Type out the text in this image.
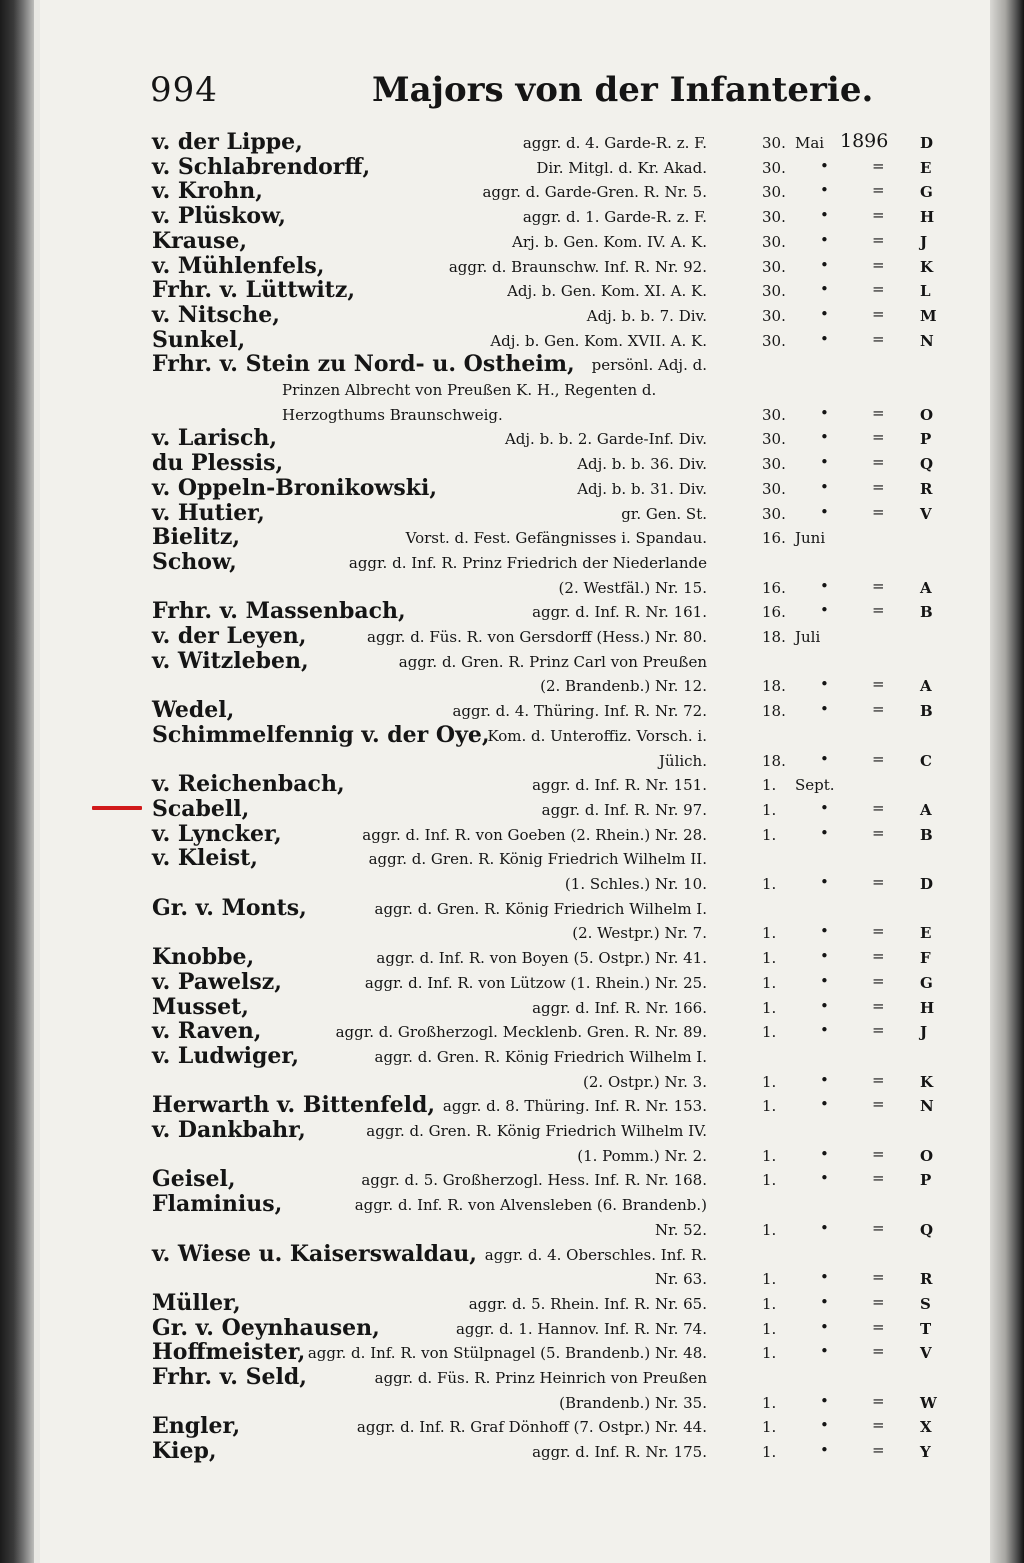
994	Majors von der Infanterie.
v. der Lippe,	aggr. d. 4. Garde-R. z. F.	30. Mai 1896 D
v. Schlabrendorff,	Dir. Mitgl. d. Kr. Akad.	30. •	= E
v. Krohn,	aggr. d. Garde-Gren. R. Nr. 5.	30. •	= G
v. Plüskow,	aggr. d. 1. Garde-R. z. F.	30. •	= H
Krause,	Arj. b. Gen. Kom. IV. A. K.	30. •	= J
v. Mühlenfels,	aggr. d. Braunschw. Inf. R. Nr. 92.	30. •	= K
Frhr. v. Lüttwitz,	Adj. b. Gen. Kom. XI. A. K.	30. •	= L
v. Nitsche,	Adj. b. b. 7. Div.	30. •	= M
Sunkel,	Adj. b. Gen. Kom. XVII. A. K.	30. •	= N
Frhr. v. Stein zu Nord- u. Ostheim, persönl. Adj. d.
Prinzen Albrecht von Preußen K. H., Regenten d.
Herzogthums Braunschweig.	30. •	= O
v. Larisch,	Adj. b. b. 2. Garde-Inf. Div.	30. •	= P
du Plessis,	Adj. b. b. 36. Div.	30. •	= Q
v. Oppeln-Bronikowski,	Adj. b. b. 31. Div.	30. •	= R
v. Hutier,	gr. Gen. St.	30. •	= V
Bielitz,	Vorst. d. Fest. Gefängnisses i. Spandau.	16. Juni
Schow,	aggr. d. Inf. R. Prinz Friedrich der Niederlande
(2. Westfäl.) Nr. 15.	16. •	= A
Frhr. v. Massenbach,	aggr. d. Inf. R. Nr. 161.	16. •	= B
v. der Leyen,	aggr. d. Füs. R. von Gersdorff (Hess.) Nr. 80.	18. Juli
v. Witzleben,	aggr. d. Gren. R. Prinz Carl von Preußen
(2. Brandenb.) Nr. 12.	18. •	= A
Wedel,	aggr. d. 4. Thüring. Inf. R. Nr. 72.	18. •	= B
Schimmelfennig v. der Oye,
Kom. d. Unteroffiz. Vorsch. i.
Jülich.	18. •	= C
v. Reichenbach,	aggr. d. Inf. R. Nr. 151.	1. Sept.
Scabell,	aggr. d. Inf. R. Nr. 97.	1.	•	= A
v. Lyncker,	aggr. d. Inf. R. von Goeben (2. Rhein.) Nr. 28.	1.	•	= B
v. Kleist,	aggr. d. Gren. R. König Friedrich Wilhelm II.
(1. Schles.) Nr. 10.	1.	•	= D
Gr. v. Monts,	aggr. d. Gren. R. König Friedrich Wilhelm I.
(2. Westpr.) Nr. 7.	1.	•	= E
Knobbe,	aggr. d. Inf. R. von Boyen (5. Ostpr.) Nr. 41.	1.	•	= F
v. Pawelsz,	aggr. d. Inf. R. von Lützow (1. Rhein.) Nr. 25.	1.	•	= G
Musset,	aggr. d. Inf. R. Nr. 166.	1.	•	= H
v. Raven,	aggr. d. Großherzogl. Mecklenb. Gren. R. Nr. 89.	1.	•	= J
v. Ludwiger,	aggr. d. Gren. R. König Friedrich Wilhelm I.
(2. Ostpr.) Nr. 3.	1.	•	= K
Herwarth v. Bittenfeld, aggr. d. 8. Thüring. Inf. R. Nr. 153.	1.	•	= N
v. Dankbahr,	aggr. d. Gren. R. König Friedrich Wilhelm IV.
(1. Pomm.) Nr. 2.	1.	•	= O
Geisel,	aggr. d. 5. Großherzogl. Hess. Inf. R. Nr. 168.	1.	•	= P
Flaminius,	aggr. d. Inf. R. von Alvensleben (6. Brandenb.)
Nr. 52.	1.	•	= Q
v. Wiese u. Kaiserswaldau, aggr. d. 4. Oberschles. Inf. R.
Nr. 63.	1.	•	= R
Müller,	aggr. d. 5. Rhein. Inf. R. Nr. 65.	1.	•	= S
Gr. v. Oeynhausen,	aggr. d. 1. Hannov. Inf. R. Nr. 74.	1.	•	= T
Hoffmeister, aggr. d. Inf. R. von Stülpnagel (5. Brandenb.) Nr. 48.	1.	•	= V
Frhr. v. Seld,	aggr. d. Füs. R. Prinz Heinrich von Preußen
(Brandenb.) Nr. 35.	1.	•	= W
Engler,	aggr. d. Inf. R. Graf Dönhoff (7. Ostpr.) Nr. 44.	1.	•	= X
Kiep,	aggr. d. Inf. R. Nr. 175.	1.	•	= Y
